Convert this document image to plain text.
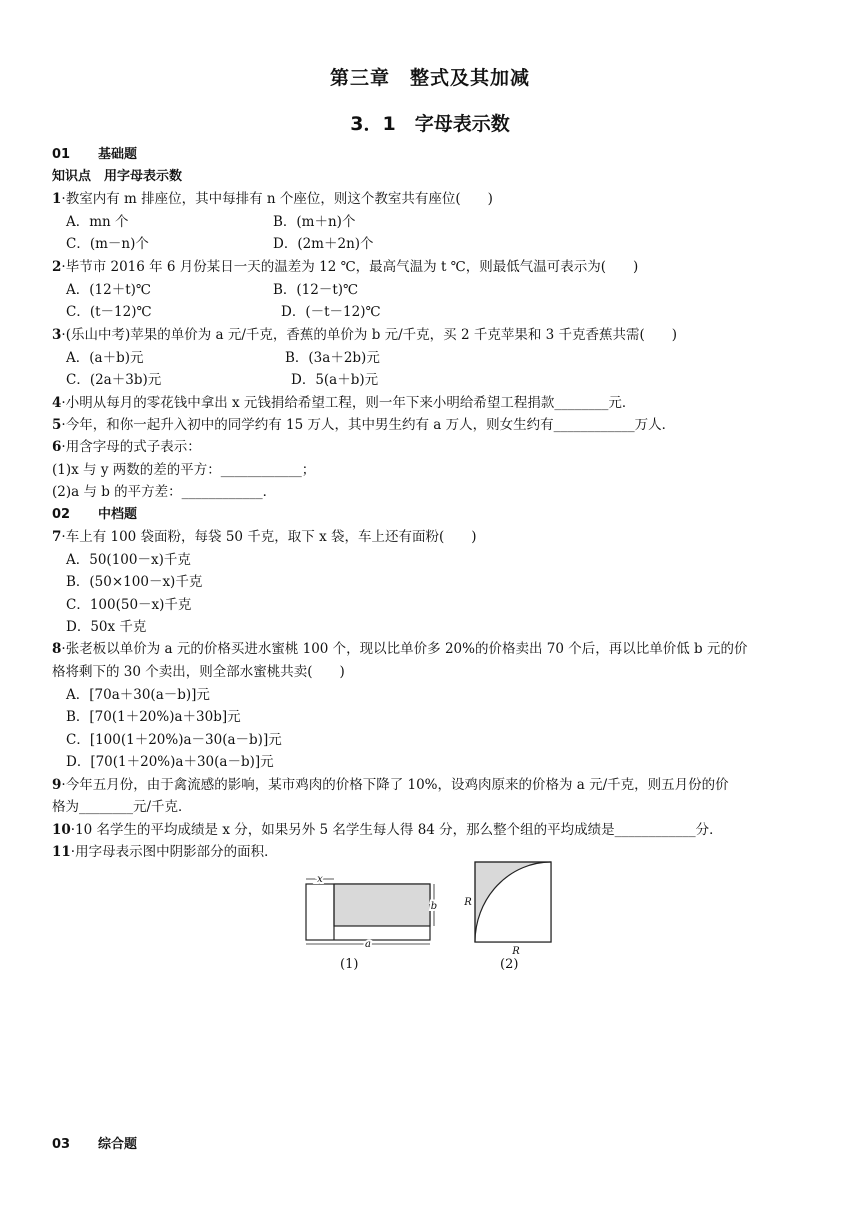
第三章　整式及其加减
3．1　字母表示数
01 基础题
知识点　用字母表示数
1·教室内有 m 排座位，其中每排有 n 个座位，则这个教室共有座位(　　)
A．mn 个	B．(m＋n)个
C．(m－n)个	D．(2m＋2n)个
2·毕节市 2016 年 6 月份某日一天的温差为 12 ℃，最高气温为 t ℃，则最低气温可表示为(　　)
A．(12＋t)℃	B．(12－t)℃
C．(t－12)℃	D．(－t－12)℃
3·(乐山中考)苹果的单价为 a 元/千克，香蕉的单价为 b 元/千克，买 2 千克苹果和 3 千克香蕉共需(　　)
A．(a＋b)元	B．(3a＋2b)元
C．(2a＋3b)元	D．5(a＋b)元
4·小明从每月的零花钱中拿出 x 元钱捐给希望工程，则一年下来小明给希望工程捐款________元．
5·今年，和你一起升入初中的同学约有 15 万人，其中男生约有 a 万人，则女生约有____________万人．
6·用含字母的式子表示：
(1)x 与 y 两数的差的平方：____________；
(2)a 与 b 的平方差：____________．
02 中档题
7·车上有 100 袋面粉，每袋 50 千克，取下 x 袋，车上还有面粉(　　)
A．50(100－x)千克
B．(50×100－x)千克
C．100(50－x)千克
D．50x 千克
8·张老板以单价为 a 元的价格买进水蜜桃 100 个，现以比单价多 20%的价格卖出 70 个后，再以比单价低 b 元的价
格将剩下的 30 个卖出，则全部水蜜桃共卖(　　)
A．[70a＋30(a－b)]元
B．[70(1＋20%)a＋30b]元
C．[100(1＋20%)a－30(a－b)]元
D．[70(1＋20%)a＋30(a－b)]元
9·今年五月份，由于禽流感的影响，某市鸡肉的价格下降了 10%，设鸡肉原来的价格为 a 元/千克，则五月份的价
格为________元/千克．
10·10 名学生的平均成绩是 x 分，如果另外 5 名学生每人得 84 分，那么整个组的平均成绩是____________分．
11·用字母表示图中阴影部分的面积．
x
b
a
(1)
R
R
(2)
03 综合题
